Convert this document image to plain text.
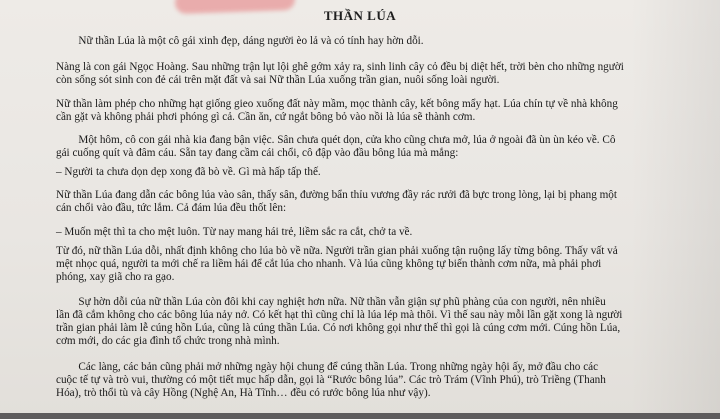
THẦN LÚA

Nữ thần Lúa là một cô gái xinh đẹp, dáng người èo lả và có tính hay hờn dỗi.

Nàng là con gái Ngọc Hoàng. Sau những trận lụt lội ghê gớm xảy ra, sinh linh cây cỏ đều bị diệt hết, trời bèn cho những người
còn sống sót sinh con đẻ cái trên mặt đất và sai Nữ thần Lúa xuống trần gian, nuôi sống loài người.

Nữ thần làm phép cho những hạt giống gieo xuống đất này mầm, mọc thành cây, kết bông mẩy hạt. Lúa chín tự về nhà không
cần gặt và không phải phơi phóng gì cả. Cần ăn, cứ ngắt bông bỏ vào nồi là lúa sẽ thành cơm.

Một hôm, cô con gái nhà kia đang bận việc. Sân chưa quét dọn, cửa kho cũng chưa mở, lúa ở ngoài đã ùn ùn kéo về. Cô
gái cuống quít và đâm cáu. Sẵn tay đang cầm cái chổi, cô đập vào đầu bông lúa mà mắng:

– Người ta chưa dọn dẹp xong đã bò về. Gì mà hấp tấp thế.

Nữ thần Lúa đang dẫn các bông lúa vào sân, thấy sân, đường bẩn thỉu vương đầy rác rưởi đã bực trong lòng, lại bị phang một
cán chổi vào đầu, tức lắm. Cả đám lúa đều thốt lên:

– Muốn mệt thì ta cho mệt luôn. Từ nay mang hái trẻ, liềm sắc ra cắt, chở ta về.

Từ đó, nữ thần Lúa dỗi, nhất định không cho lúa bò về nữa. Người trần gian phải xuống tận ruộng lấy từng bông. Thấy vất vả
mệt nhọc quá, người ta mới chế ra liềm hái để cắt lúa cho nhanh. Và lúa cũng không tự biến thành cơm nữa, mà phải phơi
phóng, xay giã cho ra gạo.

Sự hờn dỗi của nữ thần Lúa còn đôi khi cay nghiệt hơn nữa. Nữ thần vẫn giận sự phũ phàng của con người, nên nhiều
lần đã cắm không cho các bông lúa nảy nở. Có kết hạt thì cũng chỉ là lúa lép mà thôi. Vì thế sau này mỗi lần gặt xong là người
trần gian phải làm lễ cúng hồn Lúa, cũng là cúng thần Lúa. Có nơi không gọi như thế thì gọi là cúng cơm mới. Cúng hồn Lúa,
cơm mới, do các gia đình tổ chức trong nhà mình.

Các làng, các bản cũng phải mở những ngày hội chung để cúng thần Lúa. Trong những ngày hội ấy, mở đầu cho các
cuộc tế tự và trò vui, thường có một tiết mục hấp dẫn, gọi là “Rước bông lúa”. Các trò Trám (Vĩnh Phú), trò Triềng (Thanh
Hóa), trò thổi tù và cây Hồng (Nghệ An, Hà Tĩnh… đều có rước bông lúa như vậy).
